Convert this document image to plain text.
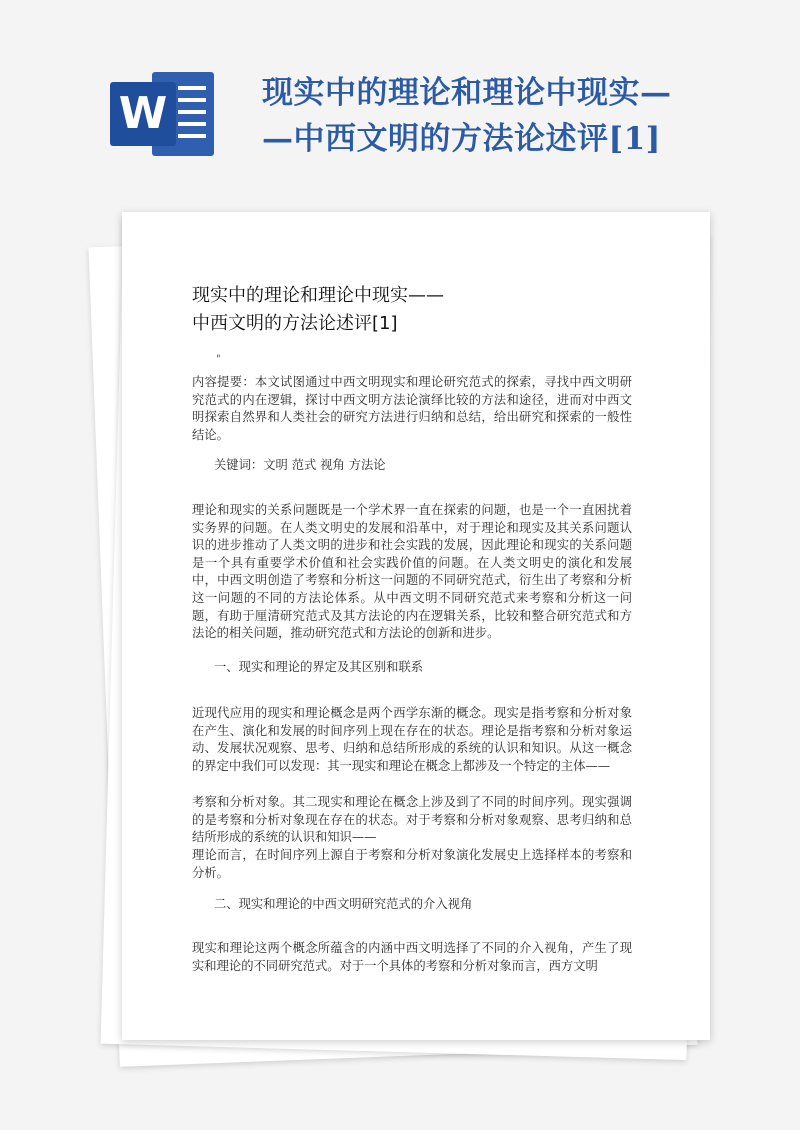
W	现实中的理论和理论中现实—
—中西文明的方法论述评[1]
现实中的理论和理论中现实——
中西文明的方法论述评[1]
"

内容提要：本文试图通过中西文明现实和理论研究范式的探索，寻找中西文明研究范式的内在逻辑，探讨中西文明方法论演绎比较的方法和途径，进而对中西文明探索自然界和人类社会的研究方法进行归纳和总结，给出研究和探索的一般性结论。

关键词：文明 范式 视角 方法论

理论和现实的关系问题既是一个学术界一直在探索的问题，也是一个一直困扰着实务界的问题。在人类文明史的发展和沿革中，对于理论和现实及其关系问题认识的进步推动了人类文明的进步和社会实践的发展，因此理论和现实的关系问题是一个具有重要学术价值和社会实践价值的问题。在人类文明史的演化和发展中，中西文明创造了考察和分析这一问题的不同研究范式，衍生出了考察和分析这一问题的不同的方法论体系。从中西文明不同研究范式来考察和分析这一问题，有助于厘清研究范式及其方法论的内在逻辑关系，比较和整合研究范式和方法论的相关问题，推动研究范式和方法论的创新和进步。

一、现实和理论的界定及其区别和联系

近现代应用的现实和理论概念是两个西学东渐的概念。现实是指考察和分析对象在产生、演化和发展的时间序列上现在存在的状态。理论是指考察和分析对象运动、发展状况观察、思考、归纳和总结所形成的系统的认识和知识。从这一概念的界定中我们可以发现：其一现实和理论在概念上都涉及一个特定的主体——

考察和分析对象。其二现实和理论在概念上涉及到了不同的时间序列。现实强调的是考察和分析对象现在存在的状态。对于考察和分析对象观察、思考归纳和总结所形成的系统的认识和知识——

理论而言，在时间序列上源自于考察和分析对象演化发展史上选择样本的考察和分析。

二、现实和理论的中西文明研究范式的介入视角

现实和理论这两个概念所蕴含的内涵中西文明选择了不同的介入视角，产生了现实和理论的不同研究范式。对于一个具体的考察和分析对象而言，西方文明
